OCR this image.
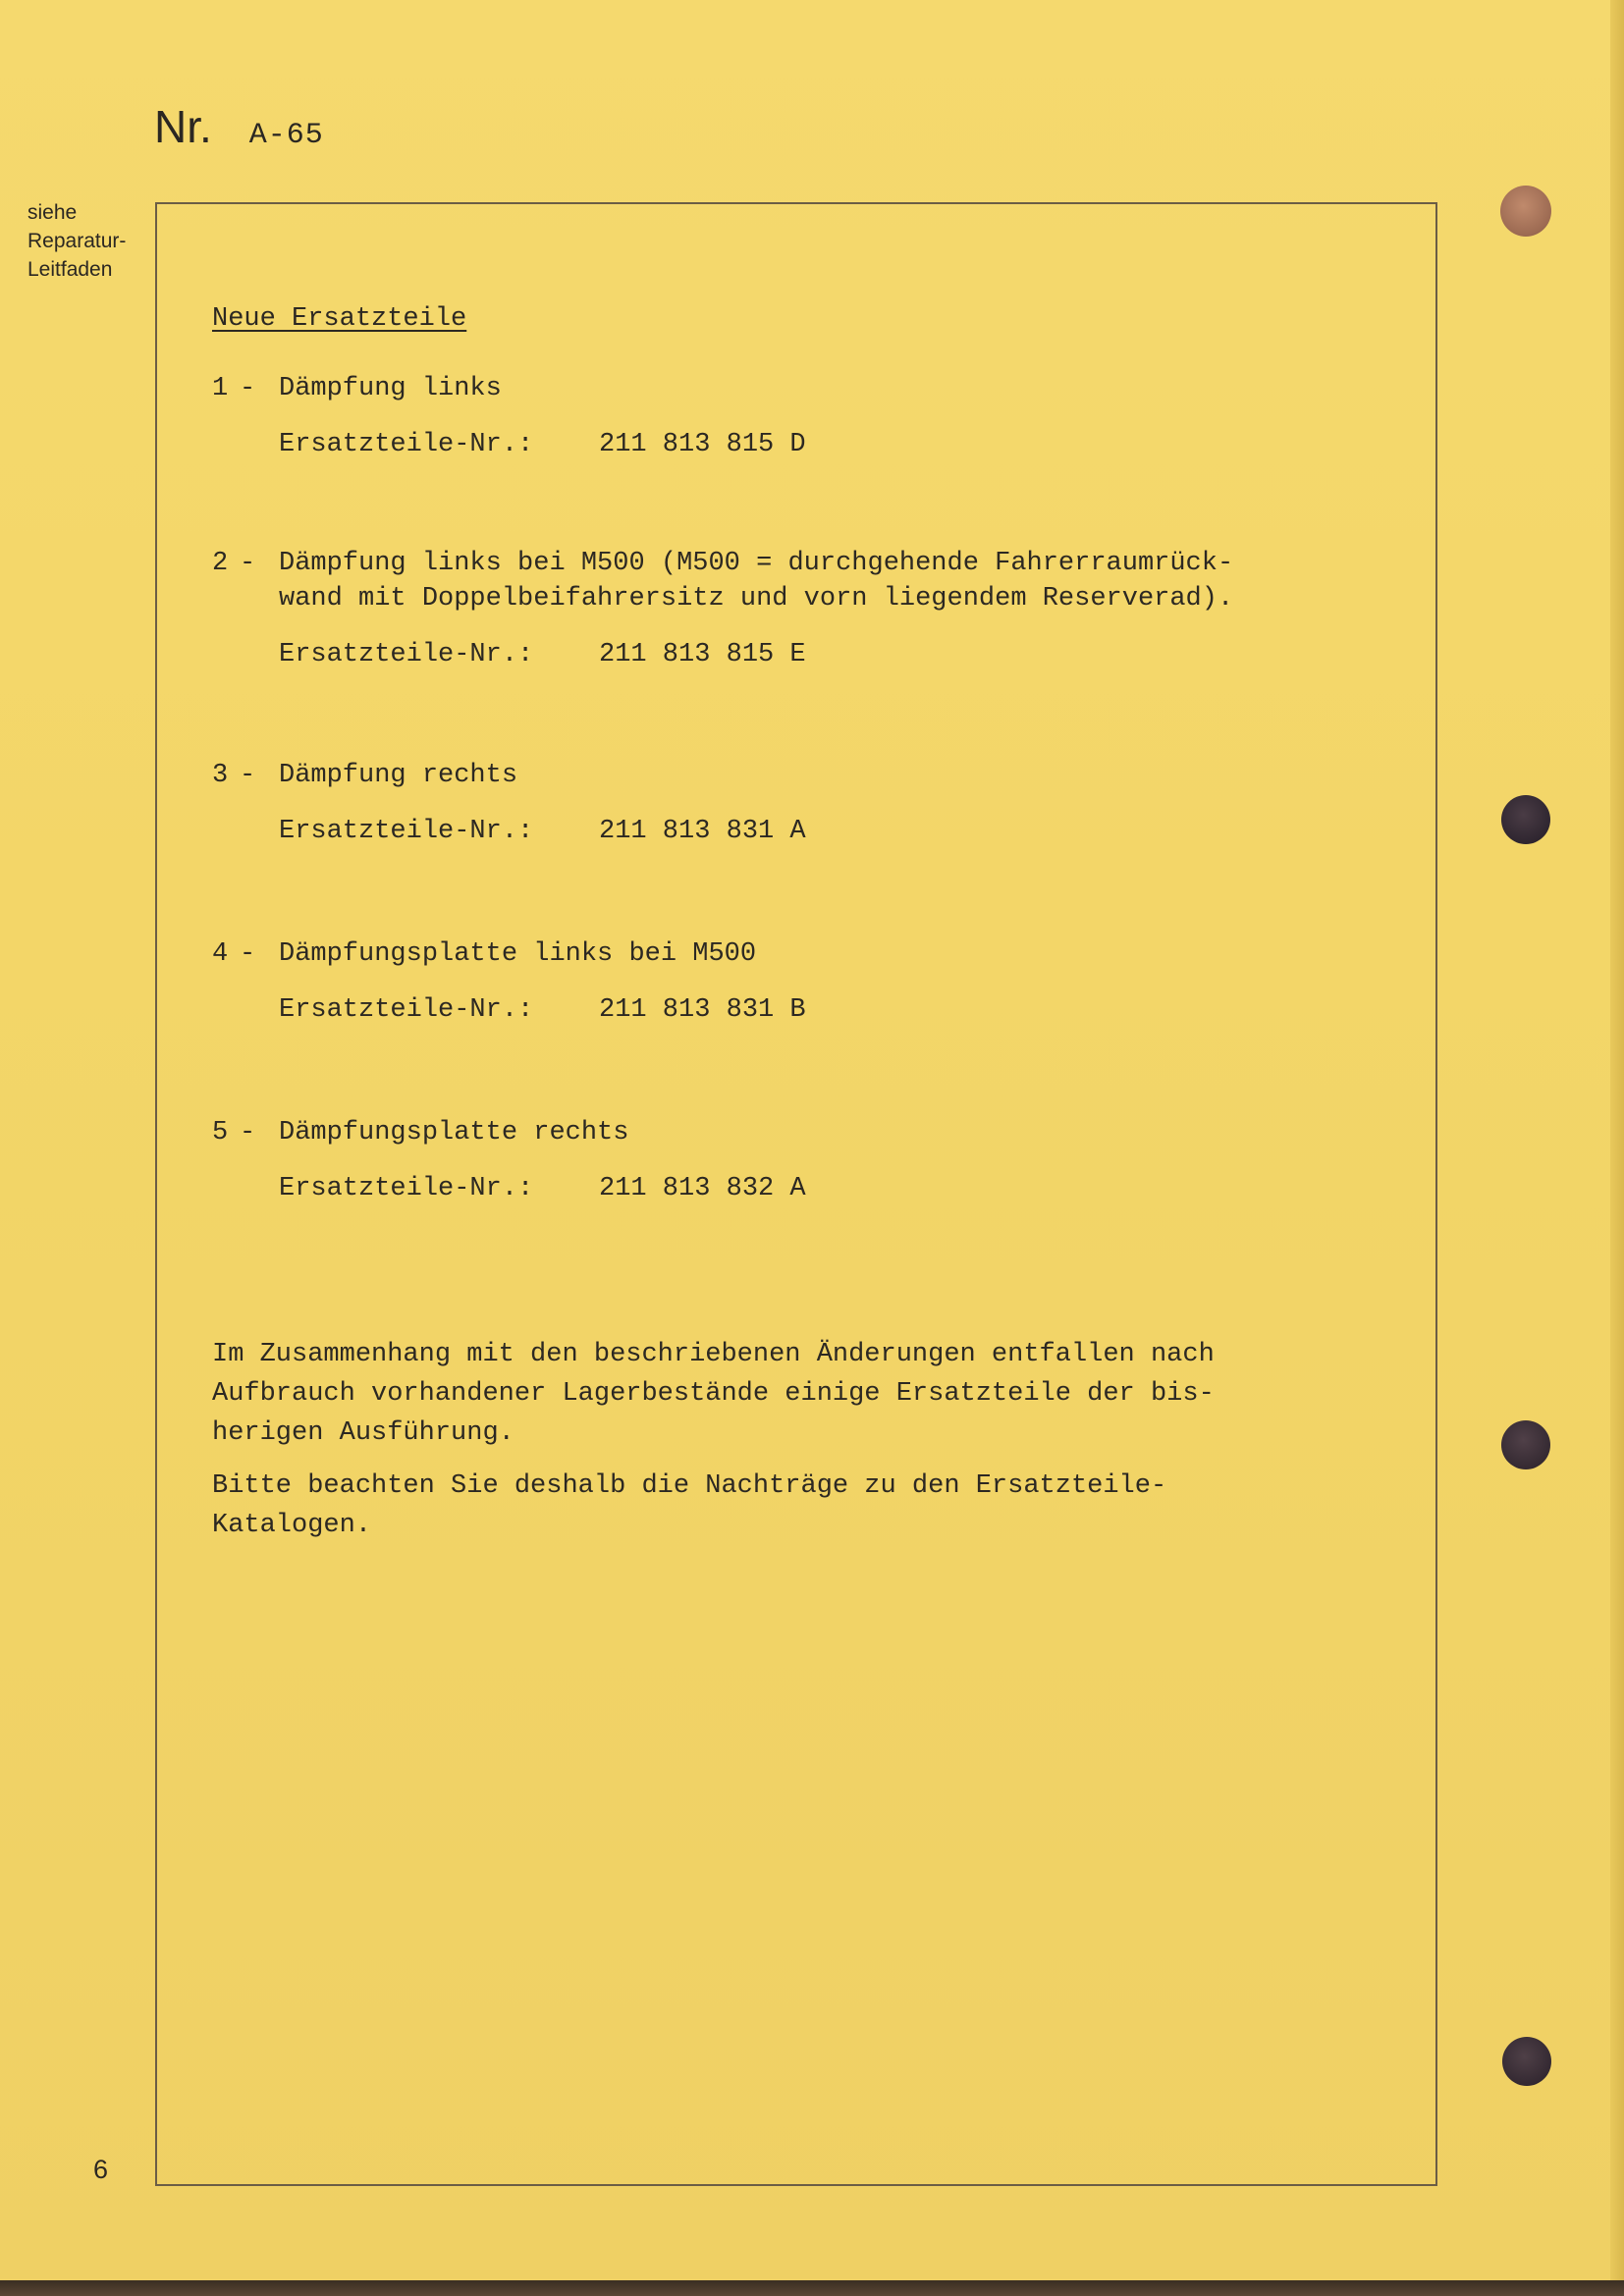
Nr. A-65
siehe
Reparatur-
Leitfaden
6
Neue Ersatzteile
1 - Dämpfung links
Ersatzteile-Nr.: 211 813 815 D
2 - Dämpfung links bei M500 (M500 = durchgehende Fahrerraumrück-
wand mit Doppelbeifahrersitz und vorn liegendem Reserverad).
Ersatzteile-Nr.: 211 813 815 E
3 - Dämpfung rechts
Ersatzteile-Nr.: 211 813 831 A
4 - Dämpfungsplatte links bei M500
Ersatzteile-Nr.: 211 813 831 B
5 - Dämpfungsplatte rechts
Ersatzteile-Nr.: 211 813 832 A
Im Zusammenhang mit den beschriebenen Änderungen entfallen nach
Aufbrauch vorhandener Lagerbestände einige Ersatzteile der bis-
herigen Ausführung.
Bitte beachten Sie deshalb die Nachträge zu den Ersatzteile-
Katalogen.
